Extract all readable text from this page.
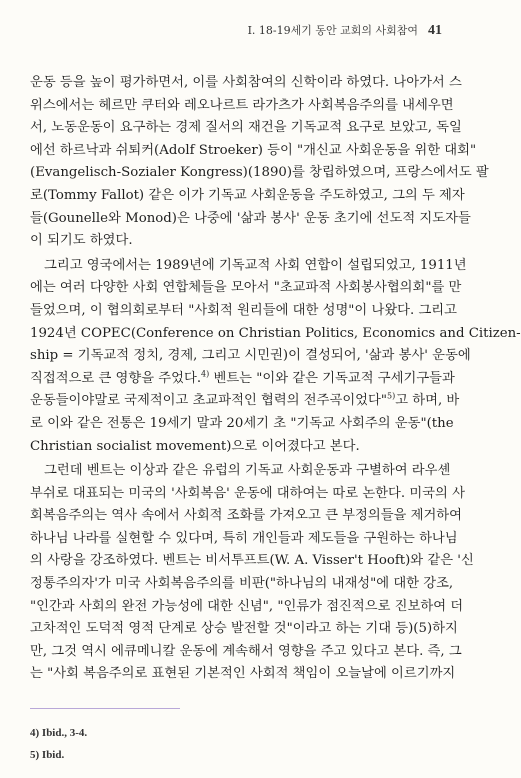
I. 18-19세기 동안 교회의 사회참여 41
운동 등을 높이 평가하면서, 이를 사회참여의 신학이라 하였다. 나아가서 스
위스에서는 헤르만 쿠터와 레오나르트 라가츠가 사회복음주의를 내세우면
서, 노동운동이 요구하는 경제 질서의 재건을 기독교적 요구로 보았고, 독일
에선 하르낙과 쉬퇴커(Adolf Stroeker) 등이 "개신교 사회운동을 위한 대회"
(Evangelisch-Sozialer Kongress)(1890)를 창립하였으며, 프랑스에서도 팔
로(Tommy Fallot) 같은 이가 기독교 사회운동을 주도하였고, 그의 두 제자
들(Gounelle와 Monod)은 나중에 '삶과 봉사' 운동 초기에 선도적 지도자들
이 되기도 하였다.
그리고 영국에서는 1989년에 기독교적 사회 연합이 설립되었고, 1911년
에는 여러 다양한 사회 연합체들을 모아서 "초교파적 사회봉사협의회"를 만
들었으며, 이 협의회로부터 "사회적 원리들에 대한 성명"이 나왔다. 그리고
1924년 COPEC(Conference on Christian Politics, Economics and Citizen-
ship = 기독교적 정치, 경제, 그리고 시민권)이 결성되어, '삶과 봉사' 운동에
직접적으로 큰 영향을 주었다.$^{4)}$ 벤트는 "이와 같은 기독교적 구세기구들과
운동들이야말로 국제적이고 초교파적인 협력의 전주곡이었다"$^{5)}$고 하며, 바
로 이와 같은 전통은 19세기 말과 20세기 초 "기독교 사회주의 운동"(the
Christian socialist movement)으로 이어졌다고 본다.
그런데 벤트는 이상과 같은 유럽의 기독교 사회운동과 구별하여 라우셴
부쉬로 대표되는 미국의 '사회복음' 운동에 대하여는 따로 논한다. 미국의 사
회복음주의는 역사 속에서 사회적 조화를 가져오고 큰 부정의들을 제거하여
하나님 나라를 실현할 수 있다며, 특히 개인들과 제도들을 구원하는 하나님
의 사랑을 강조하였다. 벤트는 비서투프트(W. A. Visser't Hooft)와 같은 '신
정통주의자'가 미국 사회복음주의를 비판("하나님의 내재성"에 대한 강조,
"인간과 사회의 완전 가능성에 대한 신념", "인류가 점진적으로 진보하여 더
고차적인 도덕적 영적 단계로 상승 발전할 것"이라고 하는 기대 등)(5)하지
만, 그것 역시 에큐메니칼 운동에 계속해서 영향을 주고 있다고 본다. 즉, 그
는 "사회 복음주의로 표현된 기본적인 사회적 책임이 오늘날에 이르기까지
4) Ibid., 3-4.
5) Ibid.
